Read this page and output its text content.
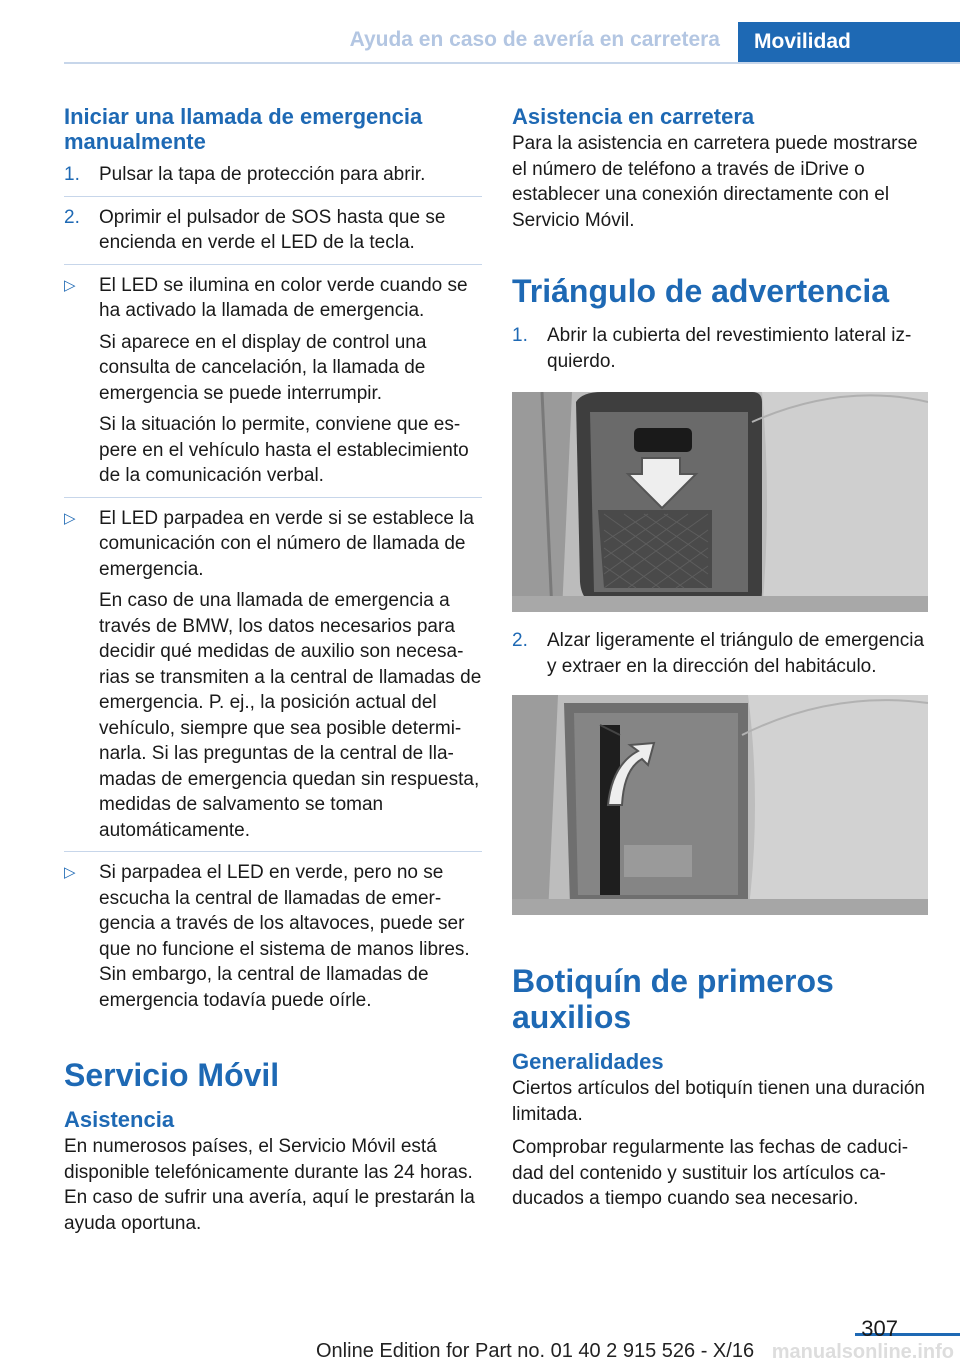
Ayuda en caso de avería en carretera Movilidad
Iniciar una llamada de emergencia manualmente
1. Pulsar la tapa de protección para abrir.
2. Oprimir el pulsador de SOS hasta que se encienda en verde el LED de la tecla.
▷ El LED se ilumina en color verde cuando se ha activado la llamada de emergencia.
Si aparece en el display de control una consulta de cancelación, la llamada de emergencia se puede interrumpir.
Si la situación lo permite, conviene que espere en el vehículo hasta el establecimiento de la comunicación verbal.
▷ El LED parpadea en verde si se establece la comunicación con el número de llamada de emergencia.
En caso de una llamada de emergencia a través de BMW, los datos necesarios para decidir qué medidas de auxilio son necesarias se transmiten a la central de llamadas de emergencia. P. ej., la posición actual del vehículo, siempre que sea posible determinarla. Si las preguntas de la central de llamadas de emergencia quedan sin respuesta, medidas de salvamento se toman automáticamente.
▷ Si parpadea el LED en verde, pero no se escucha la central de llamadas de emergencia a través de los altavoces, puede ser que no funcione el sistema de manos libres. Sin embargo, la central de llamadas de emergencia todavía puede oírle.
Servicio Móvil
Asistencia

En numerosos países, el Servicio Móvil está disponible telefónicamente durante las 24 horas. En caso de sufrir una avería, aquí le prestarán la ayuda oportuna.

Asistencia en carretera

Para la asistencia en carretera puede mostrarse el número de teléfono a través de iDrive o establecer una conexión directamente con el Servicio Móvil.

Triángulo de advertencia
1. Abrir la cubierta del revestimiento lateral izquierdo.
2. Alzar ligeramente el triángulo de emergencia y extraer en la dirección del habitáculo.
Botiquín de primeros auxilios
Generalidades

Ciertos artículos del botiquín tienen una duración limitada.

Comprobar regularmente las fechas de caducidad del contenido y sustituir los artículos caducados a tiempo cuando sea necesario.

307
Online Edition for Part no. 01 40 2 915 526 - X/16 manualsonline.info
